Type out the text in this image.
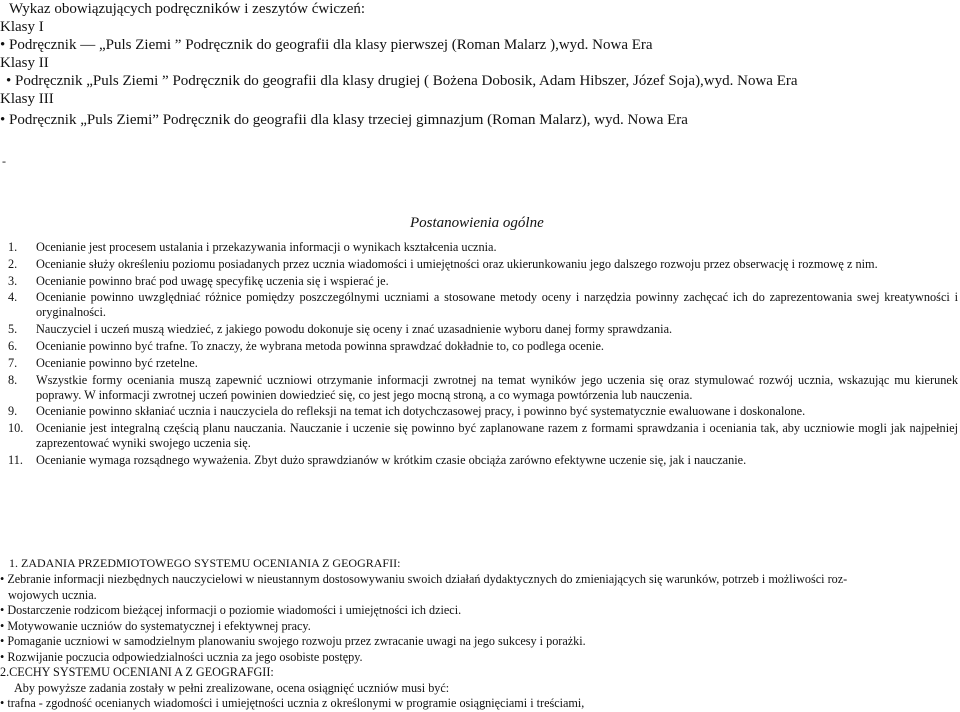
Wykaz obowiązujących podręczników i zeszytów ćwiczeń:
Klasy I
• Podręcznik ― „Puls Ziemi ” Podręcznik do geografii dla klasy pierwszej (Roman Malarz ),wyd. Nowa Era
Klasy II
• Podręcznik „Puls Ziemi ” Podręcznik do geografii dla klasy drugiej ( Bożena Dobosik, Adam Hibszer, Józef Soja),wyd. Nowa Era
Klasy III
• Podręcznik „Puls Ziemi” Podręcznik do geografii dla klasy trzeciej gimnazjum (Roman Malarz), wyd. Nowa Era
-
Postanowienia ogólne
1. Ocenianie jest procesem ustalania i przekazywania informacji o wynikach kształcenia ucznia.
2. Ocenianie służy określeniu poziomu posiadanych przez ucznia wiadomości i umiejętności oraz ukierunkowaniu jego dalszego rozwoju przez obserwację i rozmowę z nim.
3. Ocenianie powinno brać pod uwagę specyfikę uczenia się i wspierać je.
4. Ocenianie powinno uwzględniać różnice pomiędzy poszczególnymi uczniami a stosowane metody oceny i narzędzia powinny zachęcać ich do zaprezentowania swej kreatywności i oryginalności.
5. Nauczyciel i uczeń muszą wiedzieć, z jakiego powodu dokonuje się oceny i znać uzasadnienie wyboru danej formy sprawdzania.
6. Ocenianie powinno być trafne. To znaczy, że wybrana metoda powinna sprawdzać dokładnie to, co podlega ocenie.
7. Ocenianie powinno być rzetelne.
8. Wszystkie formy oceniania muszą zapewnić uczniowi otrzymanie informacji zwrotnej na temat wyników jego uczenia się oraz stymulować rozwój ucznia, wskazując mu kierunek poprawy. W informacji zwrotnej uczeń powinien dowiedzieć się, co jest jego mocną stroną, a co wymaga powtórzenia lub nauczenia.
9. Ocenianie powinno skłaniać ucznia i nauczyciela do refleksji na temat ich dotychczasowej pracy, i powinno być systematycznie ewaluowane i doskonalone.
10. Ocenianie jest integralną częścią planu nauczania. Nauczanie i uczenie się powinno być zaplanowane razem z formami sprawdzania i oceniania tak, aby uczniowie mogli jak najpełniej zaprezentować wyniki swojego uczenia się.
11. Ocenianie wymaga rozsądnego wyważenia. Zbyt dużo sprawdzianów w krótkim czasie obciąża zarówno efektywne uczenie się, jak i nauczanie.
1. ZADANIA PRZEDMIOTOWEGO SYSTEMU OCENIANIA Z GEOGRAFII:
• Zebranie informacji niezbędnych nauczycielowi w nieustannym dostosowywaniu swoich działań dydaktycznych do zmieniających się warunków, potrzeb i możliwości roz-
wojowych ucznia.
• Dostarczenie rodzicom bieżącej informacji o poziomie wiadomości i umiejętności ich dzieci.
• Motywowanie uczniów do systematycznej i efektywnej pracy.
• Pomaganie uczniowi w samodzielnym planowaniu swojego rozwoju przez zwracanie uwagi na jego sukcesy i porażki.
• Rozwijanie poczucia odpowiedzialności ucznia za jego osobiste postępy.
2.CECHY SYSTEMU OCENIANI A Z GEOGRAFGII:
Aby powyższe zadania zostały w pełni zrealizowane, ocena osiągnięć uczniów musi być:
• trafna - zgodność ocenianych wiadomości i umiejętności ucznia z określonymi w programie osiągnięciami i treściami,
